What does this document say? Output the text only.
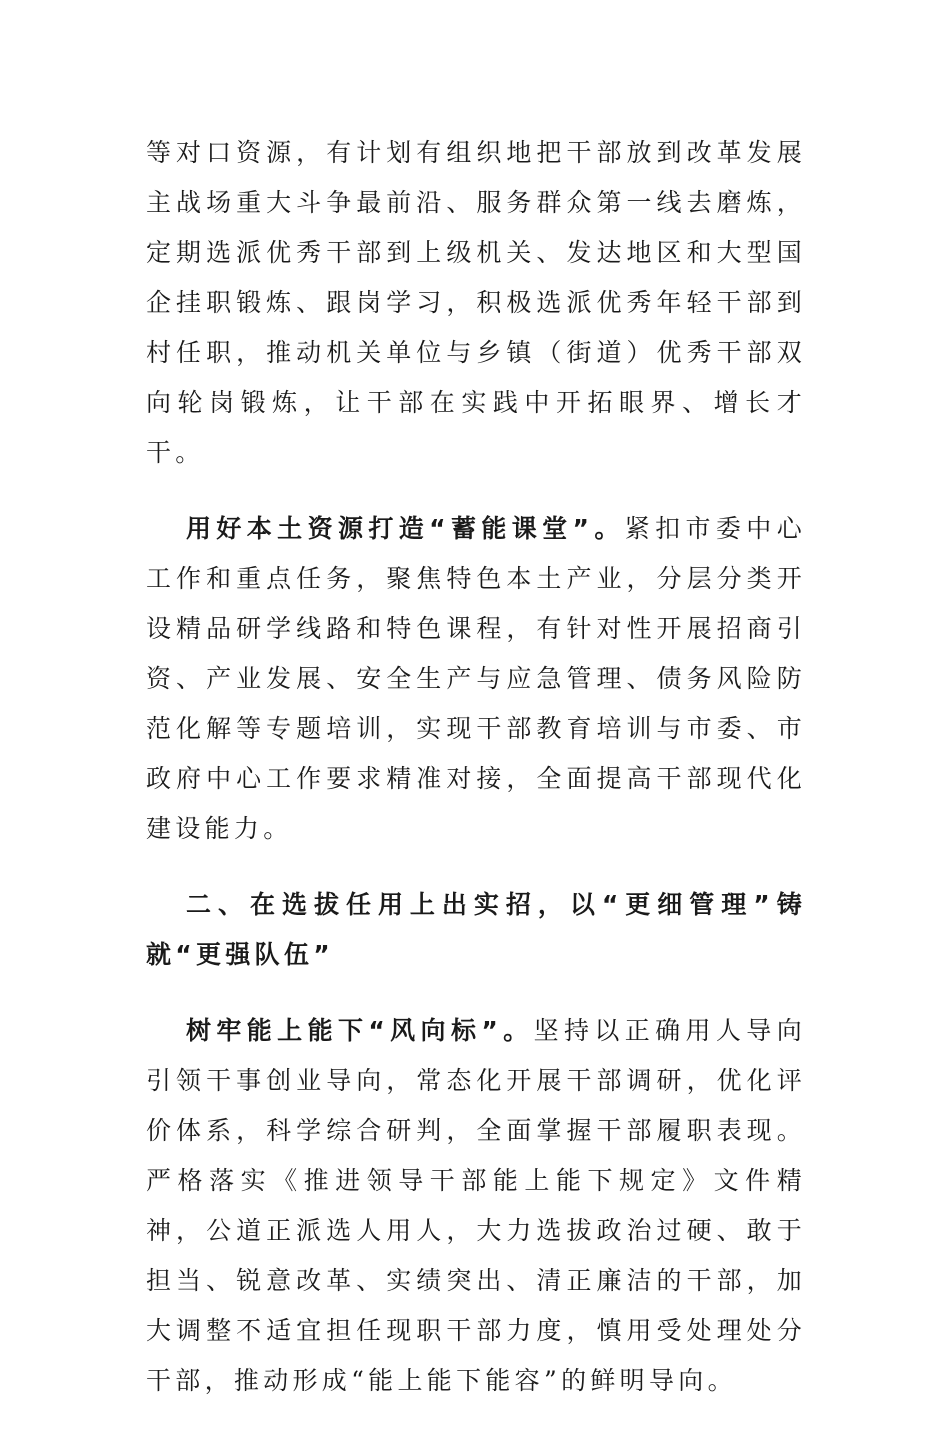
等对口资源，有计划有组织地把干部放到改革发展主战场重大斗争最前沿、服务群众第一线去磨炼，定期选派优秀干部到上级机关、发达地区和大型国企挂职锻炼、跟岗学习，积极选派优秀年轻干部到村任职，推动机关单位与乡镇（街道）优秀干部双向轮岗锻炼，让干部在实践中开拓眼界、增长才干。

用好本土资源打造“蓄能课堂”。紧扣市委中心工作和重点任务，聚焦特色本土产业，分层分类开设精品研学线路和特色课程，有针对性开展招商引资、产业发展、安全生产与应急管理、债务风险防范化解等专题培训，实现干部教育培训与市委、市政府中心工作要求精准对接，全面提高干部现代化建设能力。

二、在选拔任用上出实招，以“更细管理”铸就“更强队伍”

树牢能上能下“风向标”。坚持以正确用人导向引领干事创业导向，常态化开展干部调研，优化评价体系，科学综合研判，全面掌握干部履职表现。严格落实《推进领导干部能上能下规定》文件精神，公道正派选人用人，大力选拔政治过硬、敢于担当、锐意改革、实绩突出、清正廉洁的干部，加大调整不适宜担任现职干部力度，慎用受处理处分干部，推动形成“能上能下能容”的鲜明导向。
